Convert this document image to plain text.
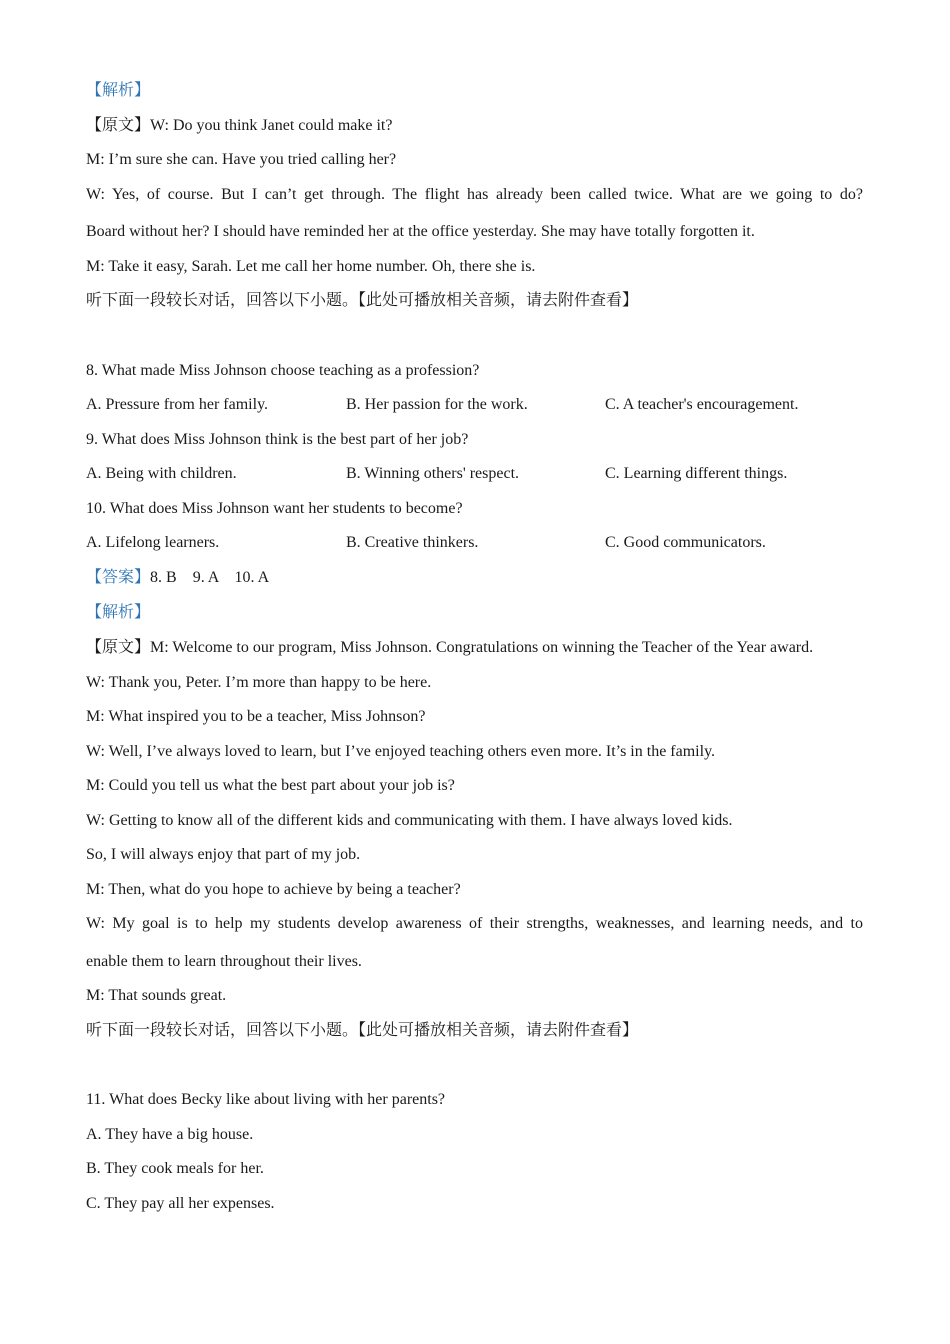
【解析】
【原文】W: Do you think Janet could make it?
M: I’m sure she can. Have you tried calling her?
W: Yes, of course. But I can’t get through. The flight has already been called twice. What are we going to do?
Board without her? I should have reminded her at the office yesterday. She may have totally forgotten it.
M: Take it easy, Sarah. Let me call her home number. Oh, there she is.
听下面一段较长对话，回答以下小题。【此处可播放相关音频，请去附件查看】
8. What made Miss Johnson choose teaching as a profession?
A. Pressure from her family.	B. Her passion for the work.	C. A teacher's encouragement.
9. What does Miss Johnson think is the best part of her job?
A. Being with children.	B. Winning others' respect.	C. Learning different things.
10. What does Miss Johnson want her students to become?
A. Lifelong learners.	B. Creative thinkers.	C. Good communicators.
【答案】8. B    9. A    10. A
【解析】
【原文】M: Welcome to our program, Miss Johnson. Congratulations on winning the Teacher of the Year award.
W: Thank you, Peter. I’m more than happy to be here.
M: What inspired you to be a teacher, Miss Johnson?
W: Well, I’ve always loved to learn, but I’ve enjoyed teaching others even more. It’s in the family.
M: Could you tell us what the best part about your job is?
W: Getting to know all of the different kids and communicating with them. I have always loved kids.
So, I will always enjoy that part of my job.
M: Then, what do you hope to achieve by being a teacher?
W: My goal is to help my students develop awareness of their strengths, weaknesses, and learning needs, and to
enable them to learn throughout their lives.
M: That sounds great.
听下面一段较长对话，回答以下小题。【此处可播放相关音频，请去附件查看】
11. What does Becky like about living with her parents?
A. They have a big house.
B. They cook meals for her.
C. They pay all her expenses.
